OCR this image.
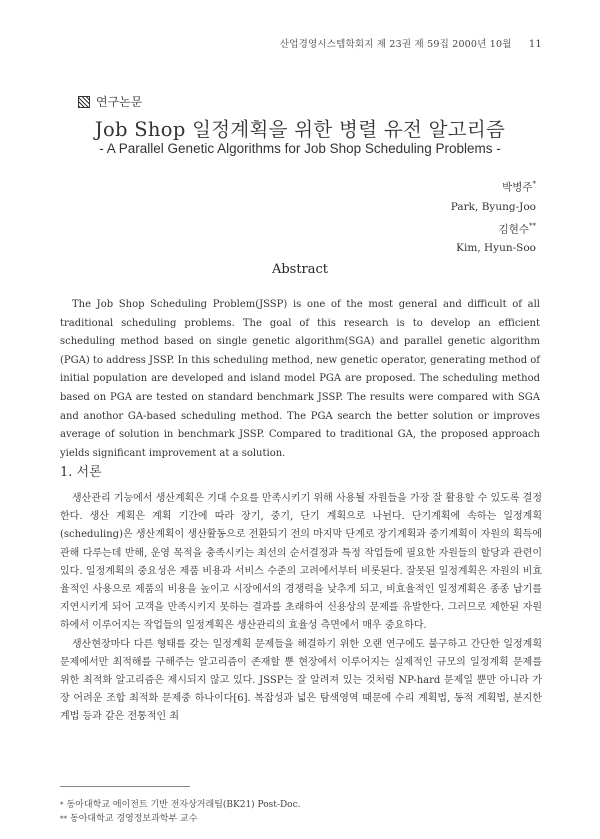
산업경영시스템학회지 제 23권 제 59집 2000년 10월 11
연구논문
Job Shop 일정계획을 위한 병렬 유전 알고리즘
- A Parallel Genetic Algorithms for Job Shop Scheduling Problems -
박병주*
Park, Byung-Joo
김현수**
Kim, Hyun-Soo
Abstract
The Job Shop Scheduling Problem(JSSP) is one of the most general and difficult of all traditional scheduling problems. The goal of this research is to develop an efficient scheduling method based on single genetic algorithm(SGA) and parallel genetic algorithm (PGA) to address JSSP. In this scheduling method, new genetic operator, generating method of initial population are developed and island model PGA are proposed. The scheduling method based on PGA are tested on standard benchmark JSSP. The results were compared with SGA and anothor GA-based scheduling method. The PGA search the better solution or improves average of solution in benchmark JSSP. Compared to traditional GA, the proposed approach yields significant improvement at a solution.
1. 서론

생산관리 기능에서 생산계획은 기대 수요를 만족시키기 위해 사용될 자원들을 가장 잘 활용할 수 있도록 결정한다. 생산 계획은 계획 기간에 따라 장기, 중기, 단기 계획으로 나뉜다. 단기계획에 속하는 일정계획(scheduling)은 생산계획이 생산활동으로 전환되기 전의 마지막 단계로 장기계획과 중기계획이 자원의 획득에 관해 다루는데 반해, 운영 목적을 충족시키는 최선의 순서결정과 특정 작업들에 필요한 자원들의 할당과 관련이 있다. 일정계획의 중요성은 제품 비용과 서비스 수준의 고려에서부터 비롯된다. 잘못된 일정계획은 자원의 비효율적인 사용으로 제품의 비용을 높이고 시장에서의 경쟁력을 낮추게 되고, 비효율적인 일정계획은 종종 납기를 지연시키게 되어 고객을 만족시키지 못하는 결과를 초래하여 신용상의 문제를 유발한다. 그러므로 제한된 자원 하에서 이루어지는 작업들의 일정계획은 생산관리의 효율성 측면에서 매우 중요하다.

생산현장마다 다른 형태를 갖는 일정계획 문제들을 해결하기 위한 오랜 연구에도 불구하고 간단한 일정계획 문제에서만 최적해를 구해주는 알고리즘이 존재할 뿐 현장에서 이루어지는 실제적인 규모의 일정계획 문제를 위한 최적화 알고리즘은 제시되지 않고 있다. JSSP는 잘 알려져 있는 것처럼 NP-hard 문제일 뿐만 아니라 가장 어려운 조합 최적화 문제중 하나이다[6]. 복잡성과 넓은 탐색영역 때문에 수리 계획법, 동적 계획법, 분지한계법 등과 같은 전통적인 최

* 동아대학교 에이전트 기반 전자상거래팀(BK21) Post-Doc.
** 동아대학교 경영정보과학부 교수
